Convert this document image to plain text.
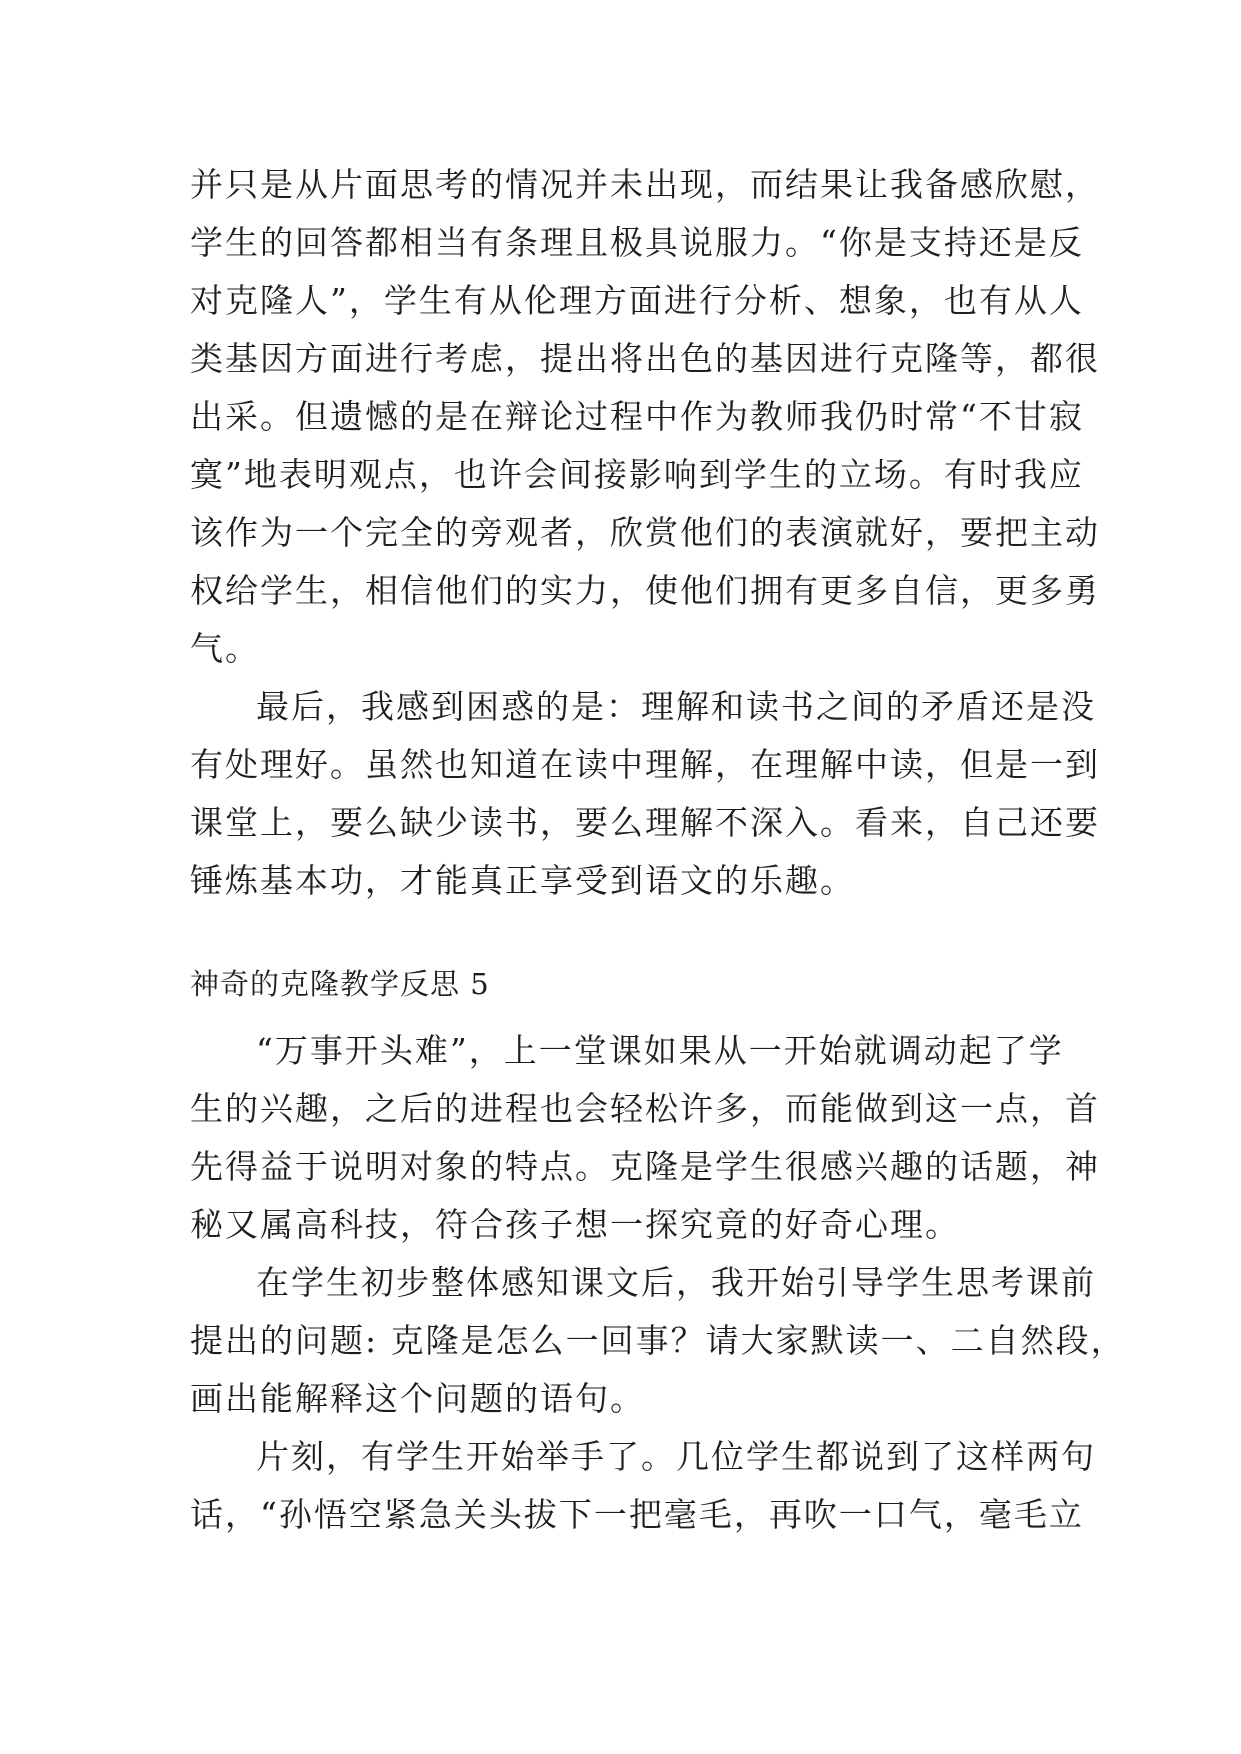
并只是从片面思考的情况并未出现，而结果让我备感欣慰，
学生的回答都相当有条理且极具说服力。“你是支持还是反
对克隆人”，学生有从伦理方面进行分析、想象，也有从人
类基因方面进行考虑，提出将出色的基因进行克隆等，都很
出采。但遗憾的是在辩论过程中作为教师我仍时常“不甘寂
寞”地表明观点，也许会间接影响到学生的立场。有时我应
该作为一个完全的旁观者，欣赏他们的表演就好，要把主动
权给学生，相信他们的实力，使他们拥有更多自信，更多勇
气。
最后，我感到困惑的是：理解和读书之间的矛盾还是没
有处理好。虽然也知道在读中理解，在理解中读，但是一到
课堂上，要么缺少读书，要么理解不深入。看来，自己还要
锤炼基本功，才能真正享受到语文的乐趣。
神奇的克隆教学反思 5
“万事开头难”，上一堂课如果从一开始就调动起了学
生的兴趣，之后的进程也会轻松许多，而能做到这一点，首
先得益于说明对象的特点。克隆是学生很感兴趣的话题，神
秘又属高科技，符合孩子想一探究竟的好奇心理。
在学生初步整体感知课文后，我开始引导学生思考课前
提出的问题: 克隆是怎么一回事？请大家默读一、二自然段，
画出能解释这个问题的语句。
片刻，有学生开始举手了。几位学生都说到了这样两句
话，“孙悟空紧急关头拔下一把毫毛，再吹一口气，毫毛立
